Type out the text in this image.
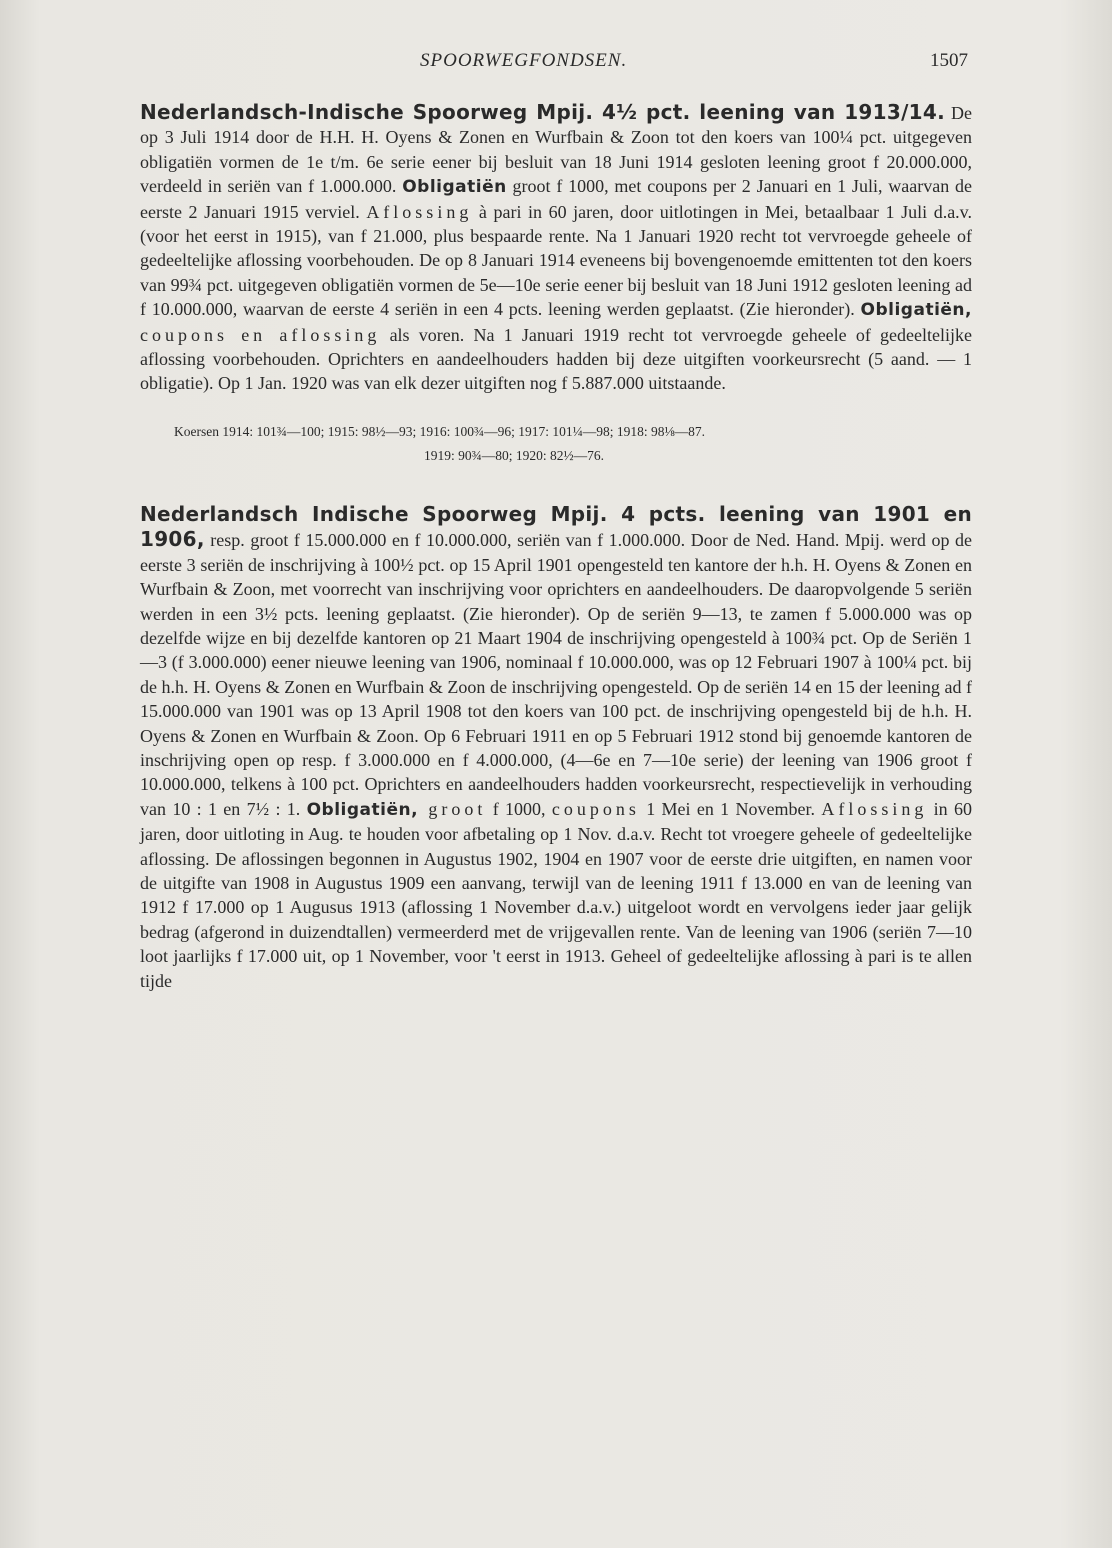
SPOORWEGFONDSEN.	1507

Nederlandsch-Indische Spoorweg Mpij. 4½ pct. leening van 1913/14. De op 3 Juli 1914 door de H.H. H. Oyens & Zonen en Wurfbain & Zoon tot den koers van 100¼ pct. uitgegeven obligatiën vormen de 1e t/m. 6e serie eener bij besluit van 18 Juni 1914 gesloten leening groot f 20.000.000, verdeeld in seriën van f 1.000.000. Obligatiën groot f 1000, met coupons per 2 Januari en 1 Juli, waarvan de eerste 2 Januari 1915 verviel. Aflossing à pari in 60 jaren, door uitlotingen in Mei, betaalbaar 1 Juli d.a.v. (voor het eerst in 1915), van f 21.000, plus bespaarde rente. Na 1 Januari 1920 recht tot vervroegde geheele of gedeeltelijke aflossing voorbehouden. De op 8 Januari 1914 eveneens bij bovengenoemde emittenten tot den koers van 99¾ pct. uitgegeven obligatiën vormen de 5e—10e serie eener bij besluit van 18 Juni 1912 gesloten leening ad f 10.000.000, waarvan de eerste 4 seriën in een 4 pcts. leening werden geplaatst. (Zie hieronder). Obligatiën, coupons en aflossing als voren. Na 1 Januari 1919 recht tot vervroegde geheele of gedeeltelijke aflossing voorbehouden. Oprichters en aandeelhouders hadden bij deze uitgiften voorkeursrecht (5 aand. — 1 obligatie). Op 1 Jan. 1920 was van elk dezer uitgiften nog f 5.887.000 uitstaande.

Koersen 1914: 101¾—100; 1915: 98½—93; 1916: 100¾—96; 1917: 101¼—98; 1918: 98⅛—87.
1919: 90¾—80; 1920: 82½—76.

Nederlandsch Indische Spoorweg Mpij. 4 pcts. leening van 1901 en 1906, resp. groot f 15.000.000 en f 10.000.000, seriën van f 1.000.000. Door de Ned. Hand. Mpij. werd op de eerste 3 seriën de inschrijving à 100½ pct. op 15 April 1901 opengesteld ten kantore der h.h. H. Oyens & Zonen en Wurfbain & Zoon, met voorrecht van inschrijving voor oprichters en aandeelhouders. De daaropvolgende 5 seriën werden in een 3½ pcts. leening geplaatst. (Zie hieronder). Op de seriën 9—13, te zamen f 5.000.000 was op dezelfde wijze en bij dezelfde kantoren op 21 Maart 1904 de inschrijving opengesteld à 100¾ pct. Op de Seriën 1—3 (f 3.000.000) eener nieuwe leening van 1906, nominaal f 10.000.000, was op 12 Februari 1907 à 100¼ pct. bij de h.h. H. Oyens & Zonen en Wurfbain & Zoon de inschrijving opengesteld. Op de seriën 14 en 15 der leening ad f 15.000.000 van 1901 was op 13 April 1908 tot den koers van 100 pct. de inschrijving opengesteld bij de h.h. H. Oyens & Zonen en Wurfbain & Zoon. Op 6 Februari 1911 en op 5 Februari 1912 stond bij genoemde kantoren de inschrijving open op resp. f 3.000.000 en f 4.000.000, (4—6e en 7—10e serie) der leening van 1906 groot f 10.000.000, telkens à 100 pct. Oprichters en aandeelhouders hadden voorkeursrecht, respectievelijk in verhouding van 10 : 1 en 7½ : 1. Obligatiën, groot f 1000, coupons 1 Mei en 1 November. Aflossing in 60 jaren, door uitloting in Aug. te houden voor afbetaling op 1 Nov. d.a.v. Recht tot vroegere geheele of gedeeltelijke aflossing. De aflossingen begonnen in Augustus 1902, 1904 en 1907 voor de eerste drie uitgiften, en namen voor de uitgifte van 1908 in Augustus 1909 een aanvang, terwijl van de leening 1911 f 13.000 en van de leening van 1912 f 17.000 op 1 Augusus 1913 (aflossing 1 November d.a.v.) uitgeloot wordt en vervolgens ieder jaar gelijk bedrag (afgerond in duizendtallen) vermeerderd met de vrijgevallen rente. Van de leening van 1906 (seriën 7—10 loot jaarlijks f 17.000 uit, op 1 November, voor 't eerst in 1913. Geheel of gedeeltelijke aflossing à pari is te allen tijde
